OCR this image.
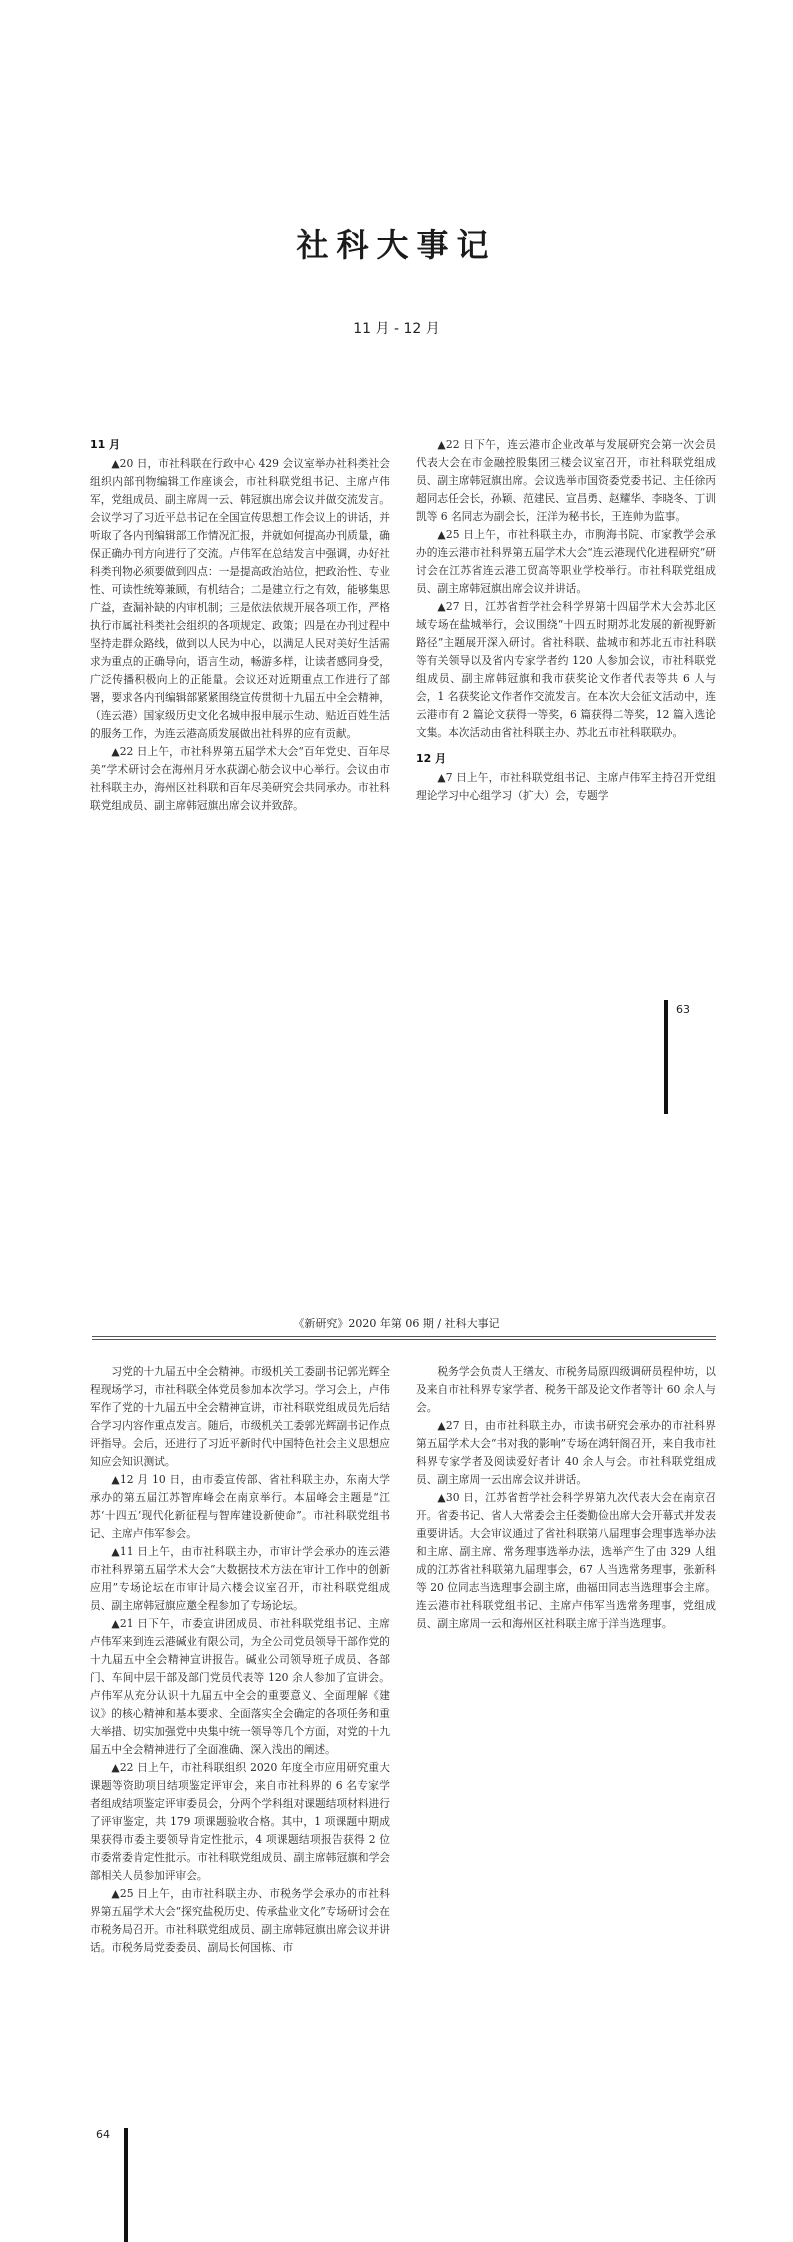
社科大事记
11 月 - 12 月
11 月

▲20 日，市社科联在行政中心 429 会议室举办社科类社会组织内部刊物编辑工作座谈会，市社科联党组书记、主席卢伟军，党组成员、副主席周一云、韩冠旗出席会议并做交流发言。会议学习了习近平总书记在全国宣传思想工作会议上的讲话，并听取了各内刊编辑部工作情况汇报，并就如何提高办刊质量，确保正确办刊方向进行了交流。卢伟军在总结发言中强调，办好社科类刊物必须要做到四点：一是提高政治站位，把政治性、专业性、可读性统筹兼顾，有机结合；二是建立行之有效，能够集思广益，查漏补缺的内审机制；三是依法依规开展各项工作，严格执行市属社科类社会组织的各项规定、政策；四是在办刊过程中坚持走群众路线，做到以人民为中心，以满足人民对美好生活需求为重点的正确导向，语言生动，畅游多样，让读者感同身受，广泛传播积极向上的正能量。会议还对近期重点工作进行了部署，要求各内刊编辑部紧紧围绕宣传贯彻十九届五中全会精神，（连云港）国家级历史文化名城申报申展示生动、贴近百姓生活的服务工作，为连云港高质发展做出社科界的应有贡献。

▲22 日上午，市社科界第五届学术大会“百年党史、百年尽美”学术研讨会在海州月牙水荻湖心舫会议中心举行。会议由市社科联主办，海州区社科联和百年尽美研究会共同承办。市社科联党组成员、副主席韩冠旗出席会议并致辞。

▲22 日下午，连云港市企业改革与发展研究会第一次会员代表大会在市金融控股集团三楼会议室召开，市社科联党组成员、副主席韩冠旗出席。会议选举市国资委党委书记、主任徐丙超同志任会长，孙颖、范建民、宣昌勇、赵耀华、李晓冬、丁训凯等 6 名同志为副会长，汪洋为秘书长，王连帅为监事。

▲25 日上午，市社科联主办，市朐海书院、市家教学会承办的连云港市社科界第五届学术大会“连云港现代化进程研究”研讨会在江苏省连云港工贸高等职业学校举行。市社科联党组成员、副主席韩冠旗出席会议并讲话。

▲27 日，江苏省哲学社会科学界第十四届学术大会苏北区域专场在盐城举行，会议围绕“十四五时期苏北发展的新视野新路径”主题展开深入研讨。省社科联、盐城市和苏北五市社科联等有关领导以及省内专家学者约 120 人参加会议，市社科联党组成员、副主席韩冠旗和我市获奖论文作者代表等共 6 人与会，1 名获奖论文作者作交流发言。在本次大会征文活动中，连云港市有 2 篇论文获得一等奖，6 篇获得二等奖，12 篇入选论文集。本次活动由省社科联主办、苏北五市社科联联办。

12 月

▲7 日上午，市社科联党组书记、主席卢伟军主持召开党组理论学习中心组学习（扩大）会，专题学

63
《新研究》2020 年第 06 期 / 社科大事记

习党的十九届五中全会精神。市级机关工委副书记郭光辉全程现场学习，市社科联全体党员参加本次学习。学习会上，卢伟军作了党的十九届五中全会精神宣讲，市社科联党组成员先后结合学习内容作重点发言。随后，市级机关工委郭光辉副书记作点评指导。会后，还进行了习近平新时代中国特色社会主义思想应知应会知识测试。

▲12 月 10 日，由市委宣传部、省社科联主办，东南大学承办的第五届江苏智库峰会在南京举行。本届峰会主题是“江苏‘十四五’现代化新征程与智库建设新使命”。市社科联党组书记、主席卢伟军参会。

▲11 日上午，由市社科联主办，市审计学会承办的连云港市社科界第五届学术大会“大数据技术方法在审计工作中的创新应用”专场论坛在市审计局六楼会议室召开，市社科联党组成员、副主席韩冠旗应邀全程参加了专场论坛。

▲21 日下午，市委宣讲团成员、市社科联党组书记、主席卢伟军来到连云港碱业有限公司，为全公司党员领导干部作党的十九届五中全会精神宣讲报告。碱业公司领导班子成员、各部门、车间中层干部及部门党员代表等 120 余人参加了宣讲会。卢伟军从充分认识十九届五中全会的重要意义、全面理解《建议》的核心精神和基本要求、全面落实全会确定的各项任务和重大举措、切实加强党中央集中统一领导等几个方面，对党的十九届五中全会精神进行了全面准确、深入浅出的阐述。

▲22 日上午，市社科联组织 2020 年度全市应用研究重大课题等资助项目结项鉴定评审会，来自市社科界的 6 名专家学者组成结项鉴定评审委员会，分两个学科组对课题结项材料进行了评审鉴定，共 179 项课题验收合格。其中，1 项课题中期成果获得市委主要领导肯定性批示，4 项课题结项报告获得 2 位市委常委肯定性批示。市社科联党组成员、副主席韩冠旗和学会部相关人员参加评审会。

▲25 日上午，由市社科联主办、市税务学会承办的市社科界第五届学术大会“探究盐税历史、传承盐业文化”专场研讨会在市税务局召开。市社科联党组成员、副主席韩冠旗出席会议并讲话。市税务局党委委员、副局长何国栋、市

税务学会负责人王缮友、市税务局原四级调研员程仲坊，以及来自市社科界专家学者、税务干部及论文作者等计 60 余人与会。

▲27 日，由市社科联主办，市读书研究会承办的市社科界第五届学术大会“书对我的影响”专场在鸿轩阁召开，来自我市社科界专家学者及阅读爱好者计 40 余人与会。市社科联党组成员、副主席周一云出席会议并讲话。

▲30 日，江苏省哲学社会科学界第九次代表大会在南京召开。省委书记、省人大常委会主任娄勤俭出席大会开幕式并发表重要讲话。大会审议通过了省社科联第八届理事会理事选举办法和主席、副主席、常务理事选举办法，选举产生了由 329 人组成的江苏省社科联第九届理事会，67 人当选常务理事，张新科等 20 位同志当选理事会副主席，曲福田同志当选理事会主席。连云港市社科联党组书记、主席卢伟军当选常务理事，党组成员、副主席周一云和海州区社科联主席于洋当选理事。

64
